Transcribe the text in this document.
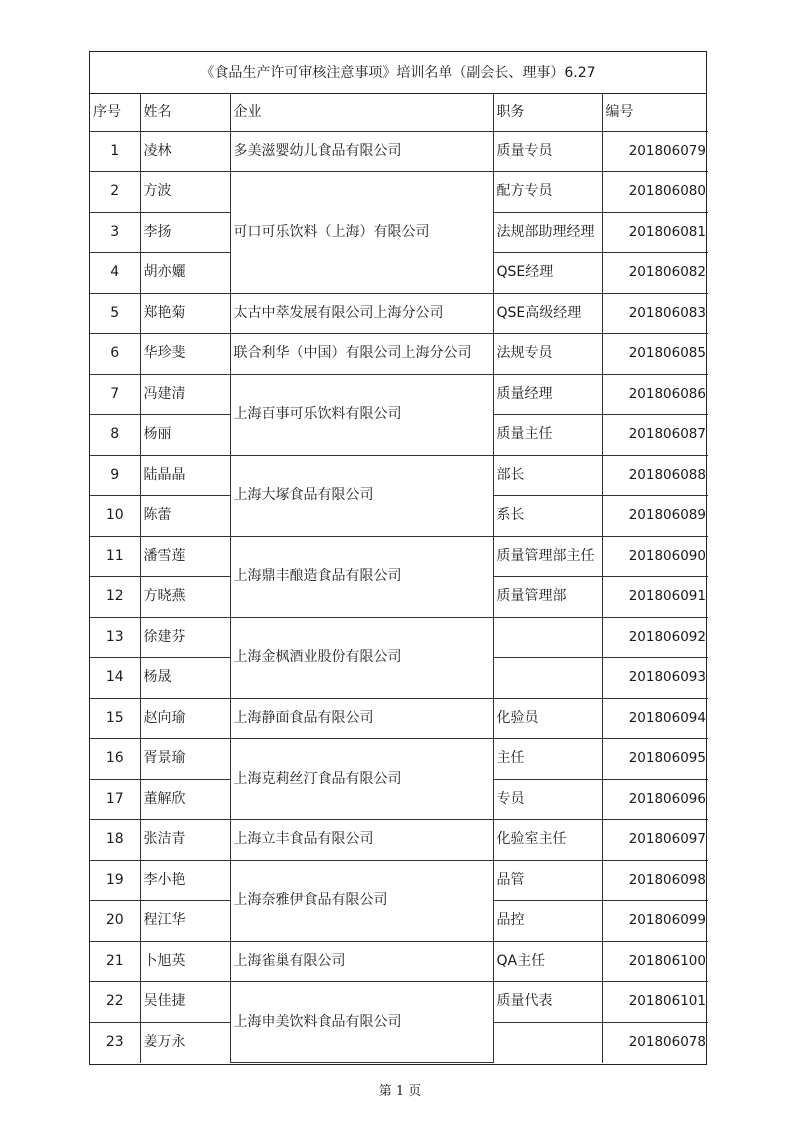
《食品生产许可审核注意事项》培训名单（副会长、理事）6.27
序号	姓名	企业	职务	编号
1	凌林	多美滋婴幼儿食品有限公司	质量专员	201806079
2	方波	可口可乐饮料（上海）有限公司	配方专员	201806080
3	李扬		法规部助理经理	201806081
4	胡亦孋		QSE经理	201806082
5	郑艳菊	太古中萃发展有限公司上海分公司	QSE高级经理	201806083
6	华珍斐	联合利华（中国）有限公司上海分公司	法规专员	201806085
7	冯建清	上海百事可乐饮料有限公司	质量经理	201806086
8	杨丽		质量主任	201806087
9	陆晶晶	上海大塚食品有限公司	部长	201806088
10	陈蕾		系长	201806089
11	潘雪莲	上海鼎丰酿造食品有限公司	质量管理部主任	201806090
12	方晓燕		质量管理部	201806091
13	徐建芬	上海金枫酒业股份有限公司		201806092
14	杨晟			201806093
15	赵向瑜	上海静面食品有限公司	化验员	201806094
16	胥景瑜	上海克莉丝汀食品有限公司	主任	201806095
17	董解欣		专员	201806096
18	张洁青	上海立丰食品有限公司	化验室主任	201806097
19	李小艳	上海奈雅伊食品有限公司	品管	201806098
20	程江华		品控	201806099
21	卜旭英	上海雀巢有限公司	QA主任	201806100
22	吴佳捷	上海申美饮料食品有限公司	质量代表	201806101
23	姜万永			201806078
第 1 页
